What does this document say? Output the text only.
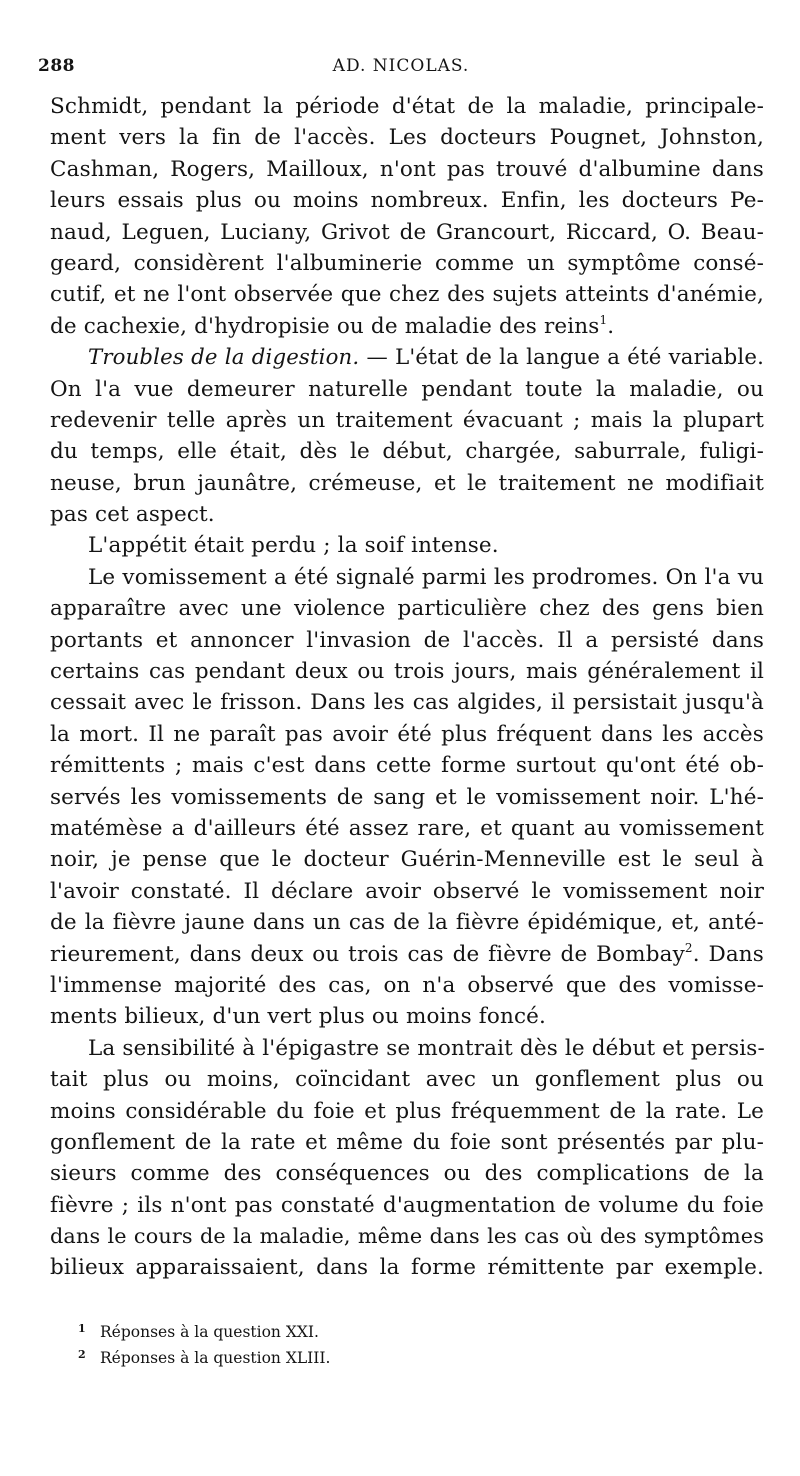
288	AD. NICOLAS.
Schmidt, pendant la période d'état de la maladie, principale-
ment vers la fin de l'accès. Les docteurs Pougnet, Johnston,
Cashman, Rogers, Mailloux, n'ont pas trouvé d'albumine dans
leurs essais plus ou moins nombreux. Enfin, les docteurs Pe-
naud, Leguen, Luciany, Grivot de Grancourt, Riccard, O. Beau-
geard, considèrent l'albuminerie comme un symptôme consé-
cutif, et ne l'ont observée que chez des sujets atteints d'anémie,
de cachexie, d'hydropisie ou de maladie des reins$^1$.
Troubles de la digestion. — L'état de la langue a été variable.
On l'a vue demeurer naturelle pendant toute la maladie, ou
redevenir telle après un traitement évacuant ; mais la plupart
du temps, elle était, dès le début, chargée, saburrale, fuligi-
neuse, brun jaunâtre, crémeuse, et le traitement ne modifiait
pas cet aspect.
L'appétit était perdu ; la soif intense.
Le vomissement a été signalé parmi les prodromes. On l'a vu
apparaître avec une violence particulière chez des gens bien
portants et annoncer l'invasion de l'accès. Il a persisté dans
certains cas pendant deux ou trois jours, mais généralement il
cessait avec le frisson. Dans les cas algides, il persistait jusqu'à
la mort. Il ne paraît pas avoir été plus fréquent dans les accès
rémittents ; mais c'est dans cette forme surtout qu'ont été ob-
servés les vomissements de sang et le vomissement noir. L'hé-
matémèse a d'ailleurs été assez rare, et quant au vomissement
noir, je pense que le docteur Guérin-Menneville est le seul à
l'avoir constaté. Il déclare avoir observé le vomissement noir
de la fièvre jaune dans un cas de la fièvre épidémique, et, anté-
rieurement, dans deux ou trois cas de fièvre de Bombay$^2$. Dans
l'immense majorité des cas, on n'a observé que des vomisse-
ments bilieux, d'un vert plus ou moins foncé.
La sensibilité à l'épigastre se montrait dès le début et persis-
tait plus ou moins, coïncidant avec un gonflement plus ou
moins considérable du foie et plus fréquemment de la rate. Le
gonflement de la rate et même du foie sont présentés par plu-
sieurs comme des conséquences ou des complications de la
fièvre ; ils n'ont pas constaté d'augmentation de volume du foie
dans le cours de la maladie, même dans les cas où des symptômes
bilieux apparaissaient, dans la forme rémittente par exemple.
1 Réponses à la question XXI.
2 Réponses à la question XLIII.
